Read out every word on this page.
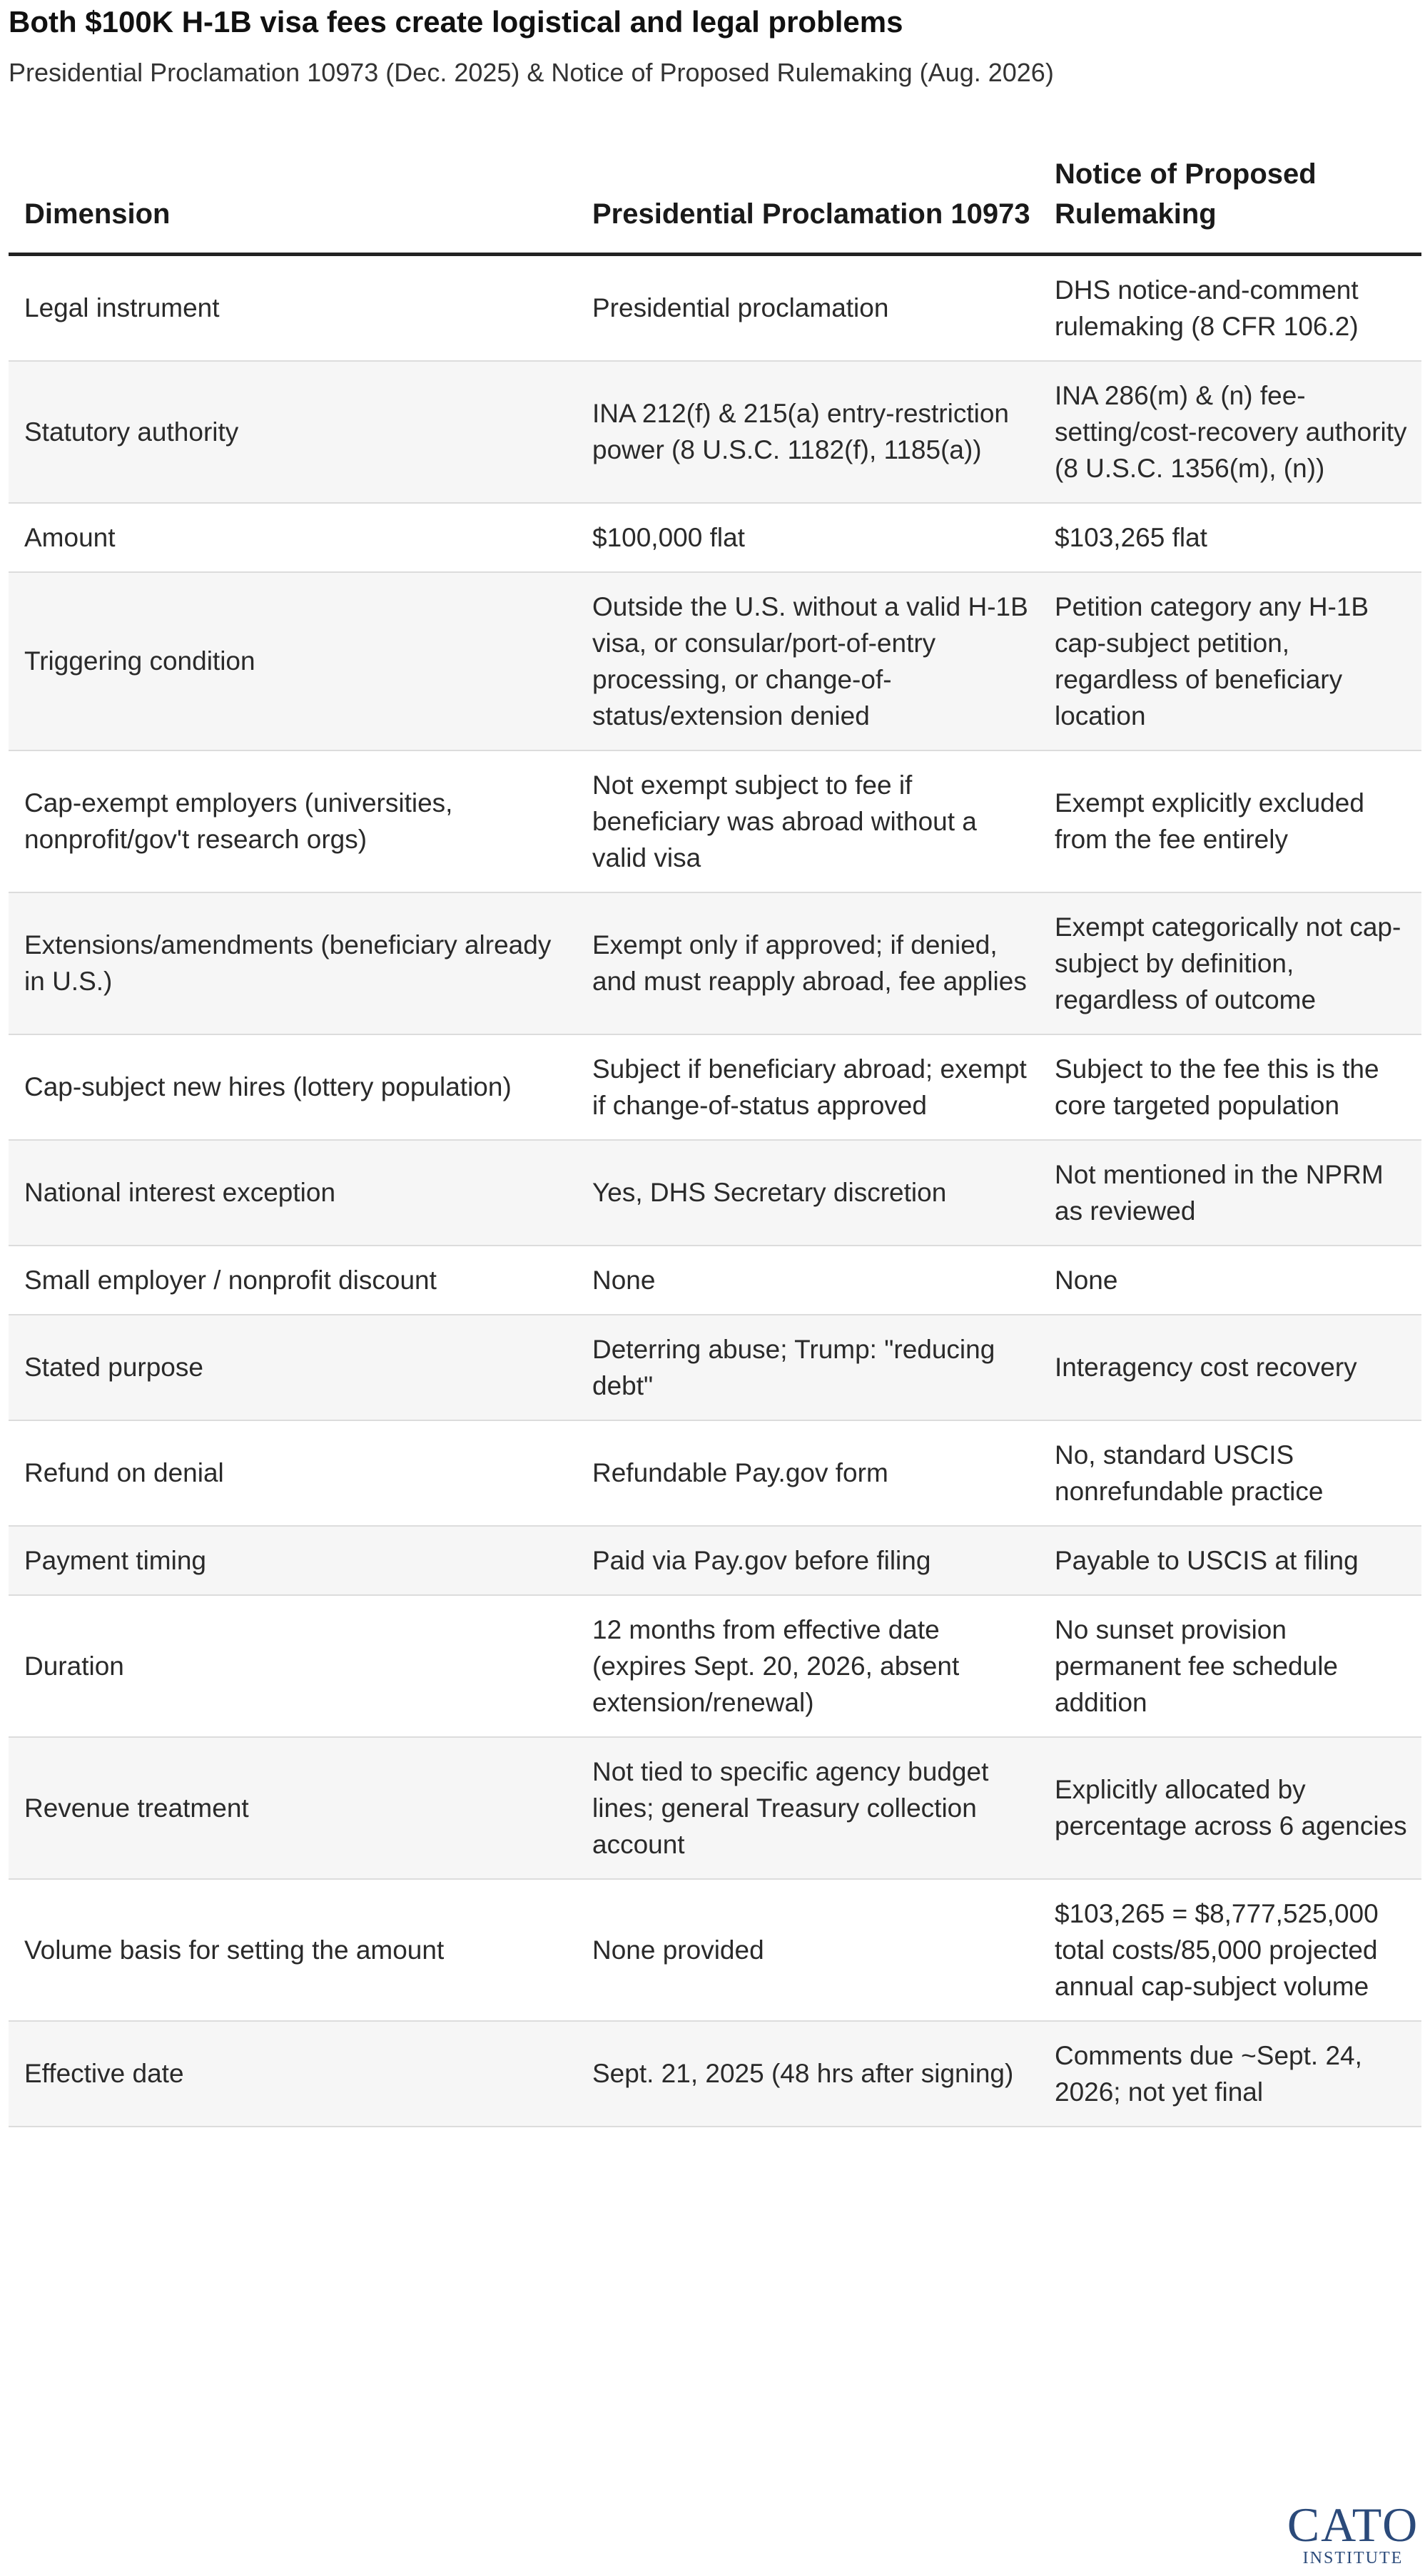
Both $100K H-1B visa fees create logistical and legal problems
Presidential Proclamation 10973 (Dec. 2025) & Notice of Proposed Rulemaking (Aug. 2026)
Dimension	Presidential Proclamation 10973	Notice of Proposed Rulemaking
Legal instrument	Presidential proclamation	DHS notice-and-comment rulemaking (8 CFR 106.2)
Statutory authority	INA 212(f) & 215(a) entry-restriction power (8 U.S.C. 1182(f), 1185(a))	INA 286(m) & (n) fee-setting/cost-recovery authority (8 U.S.C. 1356(m), (n))
Amount	$100,000 flat	$103,265 flat
Triggering condition	Outside the U.S. without a valid H-1B visa, or consular/port-of-entry processing, or change-of-status/extension denied	Petition category any H-1B cap-subject petition, regardless of beneficiary location
Cap-exempt employers (universities, nonprofit/gov't research orgs)	Not exempt subject to fee if beneficiary was abroad without a valid visa	Exempt explicitly excluded from the fee entirely
Extensions/amendments (beneficiary already in U.S.)	Exempt only if approved; if denied, and must reapply abroad, fee applies	Exempt categorically not cap-subject by definition, regardless of outcome
Cap-subject new hires (lottery population)	Subject if beneficiary abroad; exempt if change-of-status approved	Subject to the fee this is the core targeted population
National interest exception	Yes, DHS Secretary discretion	Not mentioned in the NPRM as reviewed
Small employer / nonprofit discount	None	None
Stated purpose	Deterring abuse; Trump: "reducing debt"	Interagency cost recovery
Refund on denial	Refundable Pay.gov form	No, standard USCIS nonrefundable practice
Payment timing	Paid via Pay.gov before filing	Payable to USCIS at filing
Duration	12 months from effective date (expires Sept. 20, 2026, absent extension/renewal)	No sunset provision permanent fee schedule addition
Revenue treatment	Not tied to specific agency budget lines; general Treasury collection account	Explicitly allocated by percentage across 6 agencies
Volume basis for setting the amount	None provided	$103,265 = $8,777,525,000 total costs/85,000 projected annual cap-subject volume
Effective date	Sept. 21, 2025 (48 hrs after signing)	Comments due ~Sept. 24, 2026; not yet final
CATO
INSTITUTE
